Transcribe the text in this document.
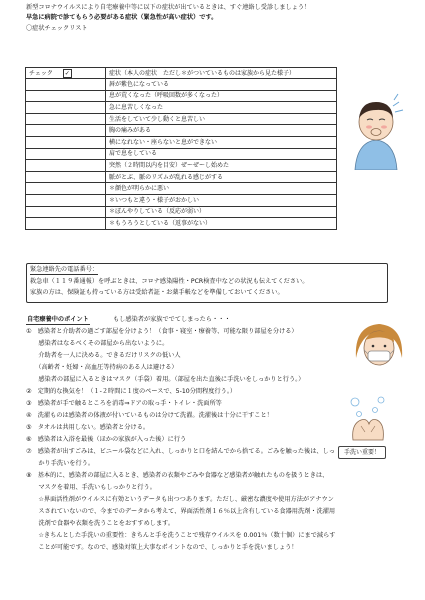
新型コロナウイルスにより自宅療養中等に以下の症状が出ているときは、すぐ連絡し受診しましょう！
早急に病院で診てもらう必要がある症状（緊急性が高い症状）です。
〇症状チェックリスト
チェック ✓	症状（本人の症状　ただし＊がついているものは家族から見た様子）
	唇が紫色になっている
	息が荒くなった（呼吸回数が多くなった）
	急に息苦しくなった
	生活をしていて少し動くと息苦しい
	胸の痛みがある
	横になれない・座らないと息ができない
	肩で息をしている
	突然（２時間以内を目安）ぜーぜーし始めた
	脈がとぶ、脈のリズムが乱れる感じがする
	＊顔色が明らかに悪い
	＊いつもと違う・様子がおかしい
	＊ぼんやりしている（反応が弱い）
	＊もうろうとしている（返事がない）
緊急連絡先の電話番号：
救急車（１１９番通報）を呼ぶときは、コロナ感染陽性・PCR検査中などの状況も伝えてください。
家族の方は、保険証も持っている方は受給者証・お薬手帳などを準備しておいてください。
自宅療養中のポイント	もし感染者が家族ででてしまったら・・・
①　感染者と介助者の過ごす部屋を分けよう！（食事・寝室・療養等、可能な限り部屋を分ける）
　　感染者はなるべくその部屋から出ないように。
　　介助者を一人に決める。できるだけリスクの低い人
　　（高齢者・妊婦・高血圧等持病のある人は避ける）
　　感染者の部屋に入るときはマスク（手袋）着用。（部屋を出た直後に手洗いをしっかりと行う。）
②　定期的な換気を！（１-２時間に１度のペースで、5-10分間程度行う。）
③　感染者が手で触るところを消毒⇒ドアの取っ手・トイレ・洗面所等
④　洗濯ものは感染者の体液が付いているものは分けて洗濯。洗濯後は十分に干すこと！
⑤　タオルは共用しない。感染者と分ける。
⑥　感染者は入浴を最後（ほかの家族が入った後）に行う
⑦　感染者が出すごみは、ビニール袋などに入れ、しっかりと口を結んでから捨てる。ごみを触った後は、しっ
　　かり手洗いを行う。
⑧　基本的に、感染者の部屋に入るとき、感染者の衣類やごみや食器など感染者が触れたものを扱うときは、
　　マスクを着用、手洗いもしっかりと行う。
　　☆界面活性剤がウイルスに有効というデータも出つつあります。ただし、厳密な濃度や使用方法がアナウン
　　スされていないので、今までのデータから考えて、界面活性剤１６％以上含有している食器用洗剤・洗濯用
　　洗剤で食器や衣類を洗うことをおすすめします。
　　☆きちんとした手洗いの重要性：きちんと手を洗うことで残存ウイルスを 0.001％（数十個）にまで減らす
　　ことが可能です。なので、感染対策上大事なポイントなので、しっかりと手を洗いましょう！
手洗い重要！
